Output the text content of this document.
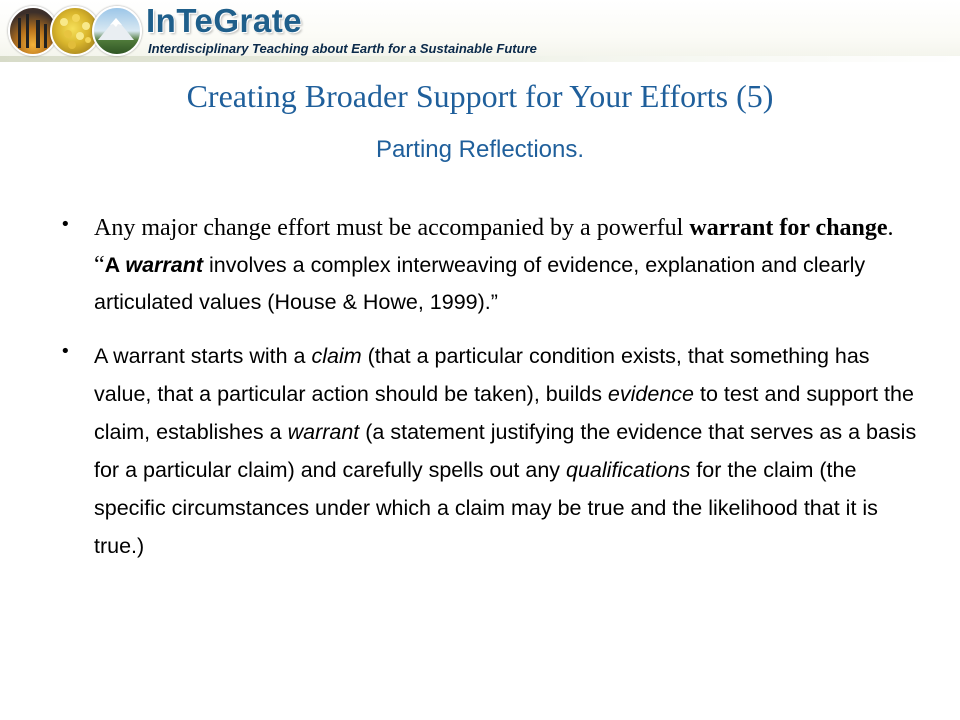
InTeGrate
Interdisciplinary Teaching about Earth for a Sustainable Future
Creating Broader Support for Your Efforts (5)
Parting Reflections.
• Any major change effort must be accompanied by a powerful warrant for change. “A warrant involves a complex interweaving of evidence, explanation and clearly articulated values (House & Howe, 1999).”
• A warrant starts with a claim (that a particular condition exists, that something has value, that a particular action should be taken), builds evidence to test and support the claim, establishes a warrant (a statement justifying the evidence that serves as a basis for a particular claim) and carefully spells out any qualifications for the claim (the specific circumstances under which a claim may be true and the likelihood that it is true.)
